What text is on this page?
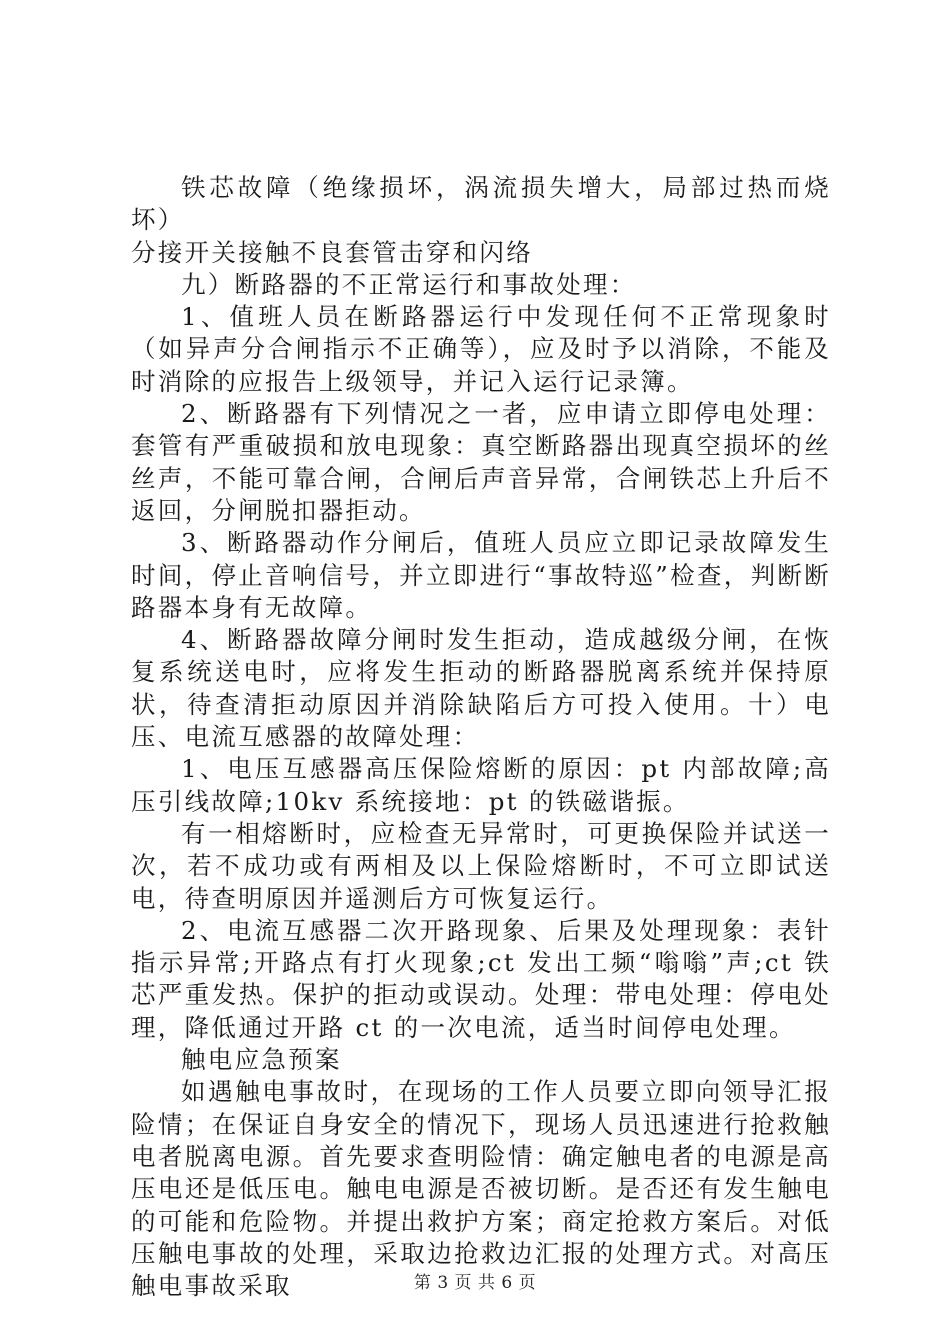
铁芯故障（绝缘损坏，涡流损失增大，局部过热而烧坏）

分接开关接触不良套管击穿和闪络

九）断路器的不正常运行和事故处理：

1、值班人员在断路器运行中发现任何不正常现象时（如异声分合闸指示不正确等），应及时予以消除，不能及时消除的应报告上级领导，并记入运行记录簿。

2、断路器有下列情况之一者，应申请立即停电处理：套管有严重破损和放电现象：真空断路器出现真空损坏的丝丝声，不能可靠合闸，合闸后声音异常，合闸铁芯上升后不返回，分闸脱扣器拒动。

3、断路器动作分闸后，值班人员应立即记录故障发生时间，停止音响信号，并立即进行“事故特巡”检查，判断断路器本身有无故障。

4、断路器故障分闸时发生拒动，造成越级分闸，在恢复系统送电时，应将发生拒动的断路器脱离系统并保持原状，待查清拒动原因并消除缺陷后方可投入使用。十）电压、电流互感器的故障处理：

1、电压互感器高压保险熔断的原因：pt 内部故障;高压引线故障;10kv 系统接地：pt 的铁磁谐振。

有一相熔断时，应检查无异常时，可更换保险并试送一次，若不成功或有两相及以上保险熔断时，不可立即试送电，待查明原因并遥测后方可恢复运行。

2、电流互感器二次开路现象、后果及处理现象：表针指示异常;开路点有打火现象;ct 发出工频“嗡嗡”声;ct 铁芯严重发热。保护的拒动或误动。处理：带电处理：停电处理，降低通过开路 ct 的一次电流，适当时间停电处理。

触电应急预案

如遇触电事故时，在现场的工作人员要立即向领导汇报险情；在保证自身安全的情况下，现场人员迅速进行抢救触电者脱离电源。首先要求查明险情：确定触电者的电源是高压电还是低压电。触电电源是否被切断。是否还有发生触电的可能和危险物。并提出救护方案；商定抢救方案后。对低压触电事故的处理，采取边抢救边汇报的处理方式。对高压触电事故采取	第 3 页 共 6 页
